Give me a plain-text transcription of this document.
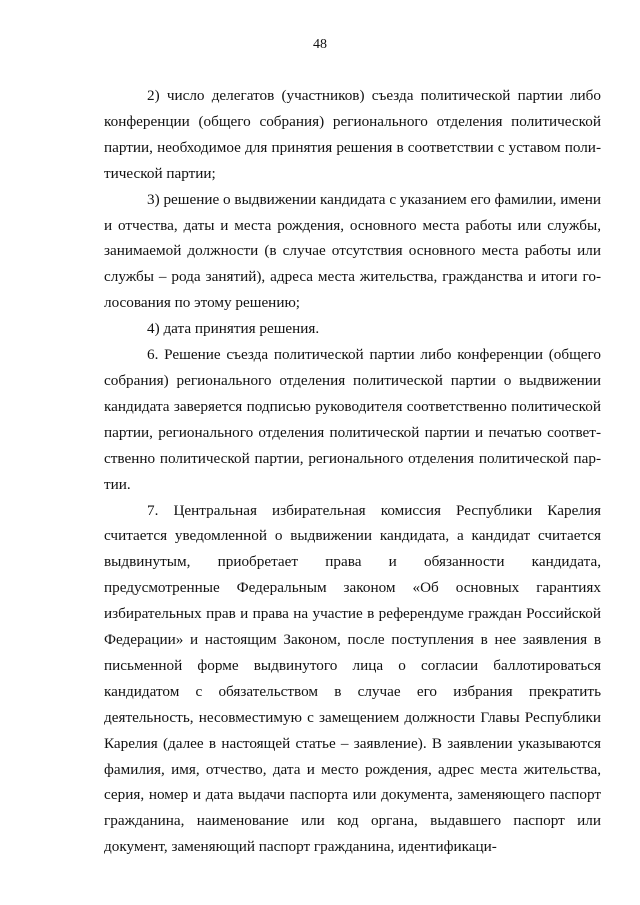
48

2) число делегатов (участников) съезда политической партии либо конференции (общего собрания) регионального отделения политической партии, необходимое для принятия решения в соответствии с уставом политической партии;

3) решение о выдвижении кандидата с указанием его фамилии, имени и отчества, даты и места рождения, основного места работы или службы, занимаемой должности (в случае отсутствия основного места работы или службы – рода занятий), адреса места жительства, гражданства и итоги голосования по этому решению;

4) дата принятия решения.

6. Решение съезда политической партии либо конференции (общего собрания) регионального отделения политической партии о выдвижении кандидата заверяется подписью руководителя соответственно политической партии, регионального отделения политической партии и печатью соответственно политической партии, регионального отделения политической партии.

7. Центральная избирательная комиссия Республики Карелия считается уведомленной о выдвижении кандидата, а кандидат считается выдвинутым, приобретает права и обязанности кандидата, предусмотренные Федеральным законом «Об основных гарантиях избирательных прав и права на участие в референдуме граждан Российской Федерации» и настоящим Законом, после поступления в нее заявления в письменной форме выдвинутого лица о согласии баллотироваться кандидатом с обязательством в случае его избрания прекратить деятельность, несовместимую с замещением должности Главы Республики Карелия (далее в настоящей статье – заявление). В заявлении указываются фамилия, имя, отчество, дата и место рождения, адрес места жительства, серия, номер и дата выдачи паспорта или документа, заменяющего паспорт гражданина, наименование или код органа, выдавшего паспорт или документ, заменяющий паспорт гражданина, идентификаци-
